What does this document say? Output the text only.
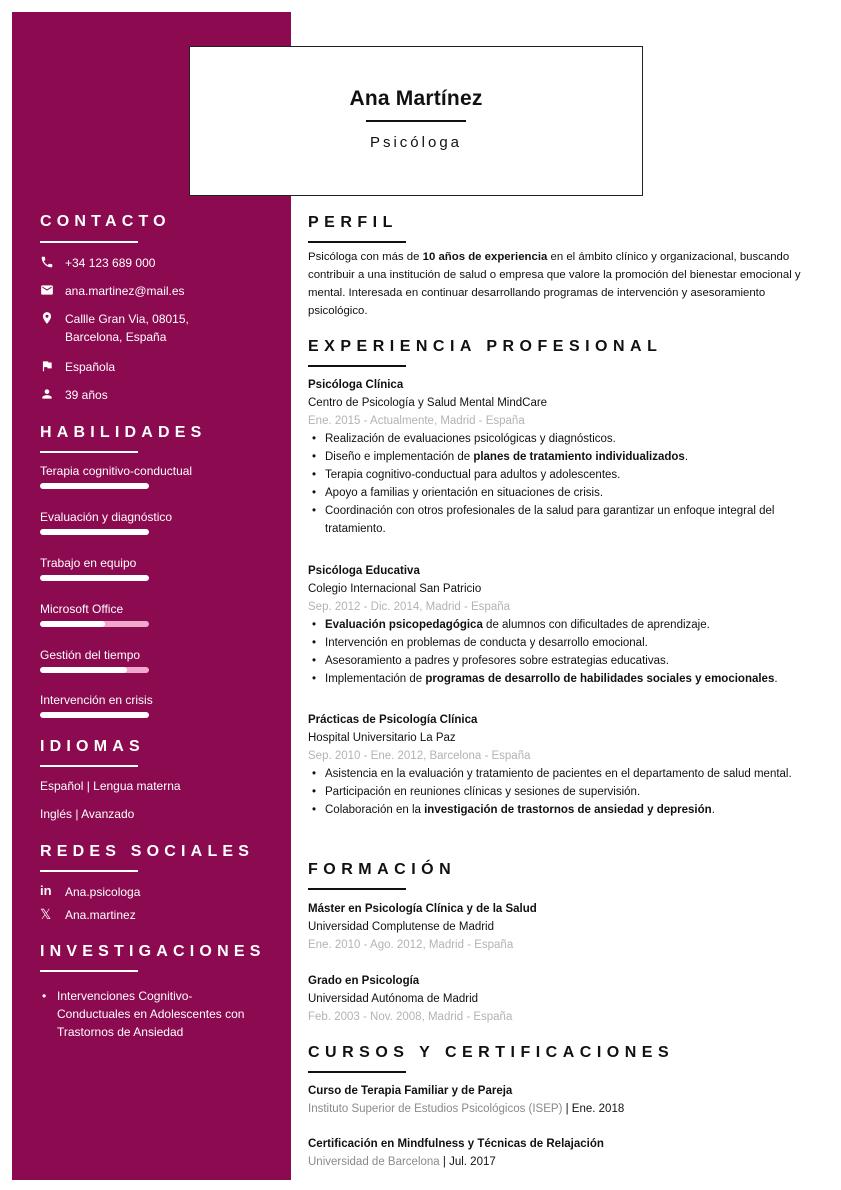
Ana Martínez
Psicóloga
CONTACTO
+34 123 689 000
ana.martinez@mail.es
Callle Gran Via, 08015,
Barcelona, España
Española
39 años
HABILIDADES
Terapia cognitivo-conductual
Evaluación y diagnóstico
Trabajo en equipo
Microsoft Office
Gestión del tiempo
Intervención en crisis
IDIOMAS
Español | Lengua materna
Inglés | Avanzado
REDES SOCIALES
in Ana.psicologa
𝕏 Ana.martinez
INVESTIGACIONES
• Intervenciones Cognitivo-Conductuales en Adolescentes con Trastornos de Ansiedad
PERFIL
Psicóloga con más de 10 años de experiencia en el ámbito clínico y organizacional, buscando contribuir a una institución de salud o empresa que valore la promoción del bienestar emocional y mental. Interesada en continuar desarrollando programas de intervención y asesoramiento psicológico.
EXPERIENCIA PROFESIONAL
Psicóloga Clínica
Centro de Psicología y Salud Mental MindCare
Ene. 2015 - Actualmente, Madrid - España
• Realización de evaluaciones psicológicas y diagnósticos.
• Diseño e implementación de planes de tratamiento individualizados.
• Terapia cognitivo-conductual para adultos y adolescentes.
• Apoyo a familias y orientación en situaciones de crisis.
• Coordinación con otros profesionales de la salud para garantizar un enfoque integral del tratamiento.
Psicóloga Educativa
Colegio Internacional San Patricio
Sep. 2012 - Dic. 2014, Madrid - España
• Evaluación psicopedagógica de alumnos con dificultades de aprendizaje.
• Intervención en problemas de conducta y desarrollo emocional.
• Asesoramiento a padres y profesores sobre estrategias educativas.
• Implementación de programas de desarrollo de habilidades sociales y emocionales.
Prácticas de Psicología Clínica
Hospital Universitario La Paz
Sep. 2010 - Ene. 2012, Barcelona - España
• Asistencia en la evaluación y tratamiento de pacientes en el departamento de salud mental.
• Participación en reuniones clínicas y sesiones de supervisión.
• Colaboración en la investigación de trastornos de ansiedad y depresión.
FORMACIÓN
Máster en Psicología Clínica y de la Salud
Universidad Complutense de Madrid
Ene. 2010 - Ago. 2012, Madrid - España
Grado en Psicología
Universidad Autónoma de Madrid
Feb. 2003 - Nov. 2008, Madrid - España
CURSOS Y CERTIFICACIONES
Curso de Terapia Familiar y de Pareja
Instituto Superior de Estudios Psicológicos (ISEP) | Ene. 2018
Certificación en Mindfulness y Técnicas de Relajación
Universidad de Barcelona | Jul. 2017
